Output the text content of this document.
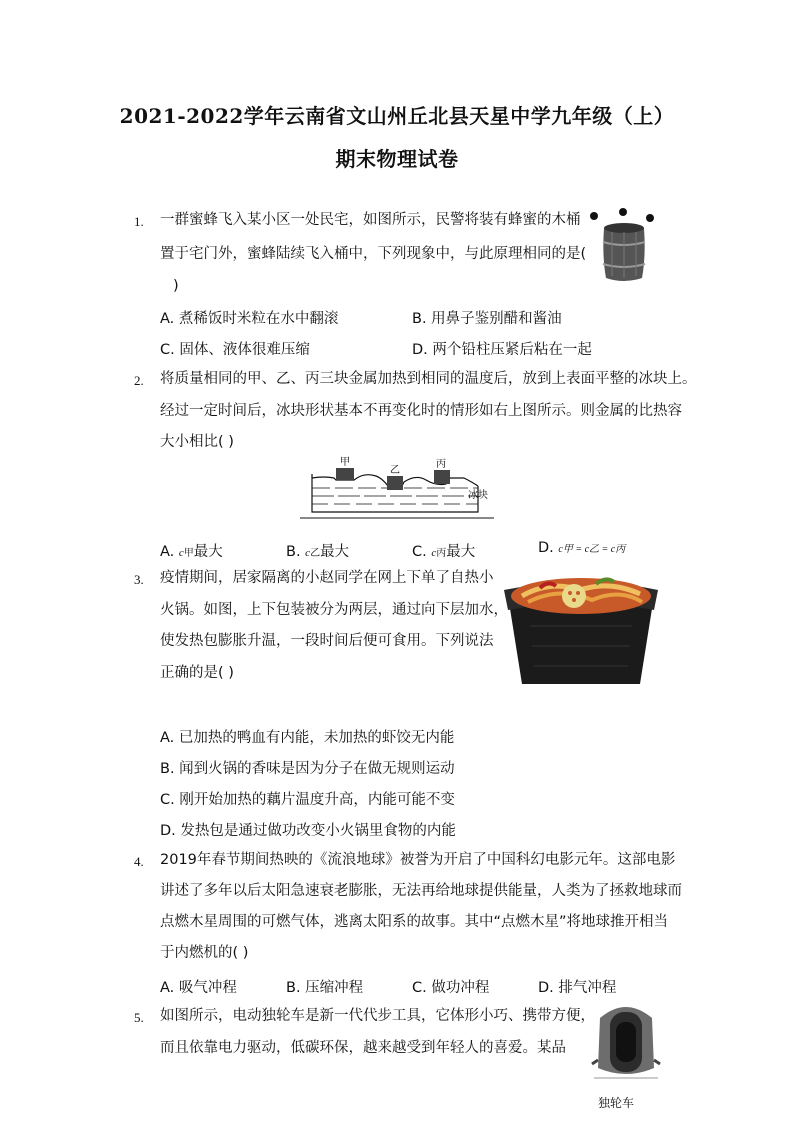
2021-2022学年云南省文山州丘北县天星中学九年级（上）
期末物理试卷
1. 一群蜜蜂飞入某小区一处民宅，如图所示，民警将装有蜂蜜的木桶
置于宅门外，蜜蜂陆续飞入桶中，下列现象中，与此原理相同的是(
)
A. 煮稀饭时米粒在水中翻滚	B. 用鼻子鉴别醋和酱油
C. 固体、液体很难压缩	D. 两个铅柱压紧后粘在一起
2. 将质量相同的甲、乙、丙三块金属加热到相同的温度后，放到上表面平整的冰块上。
经过一定时间后，冰块形状基本不再变化时的情形如右上图所示。则金属的比热容
大小相比( )
甲
乙
丙
冰块
A. c甲最大	B. c乙最大	C. c丙最大	D. c甲 = c乙 = c丙
3. 疫情期间，居家隔离的小赵同学在网上下单了自热小
火锅。如图，上下包装被分为两层，通过向下层加水，
使发热包膨胀升温，一段时间后便可食用。下列说法
正确的是( )
A. 已加热的鸭血有内能，未加热的虾饺无内能
B. 闻到火锅的香味是因为分子在做无规则运动
C. 刚开始加热的藕片温度升高，内能可能不变
D. 发热包是通过做功改变小火锅里食物的内能
4. 2019年春节期间热映的《流浪地球》被誉为开启了中国科幻电影元年。这部电影
讲述了多年以后太阳急速衰老膨胀，无法再给地球提供能量，人类为了拯救地球而
点燃木星周围的可燃气体，逃离太阳系的故事。其中“点燃木星”将地球推开相当
于内燃机的( )
A. 吸气冲程	B. 压缩冲程	C. 做功冲程	D. 排气冲程
5. 如图所示，电动独轮车是新一代代步工具，它体形小巧、携带方便，
而且依靠电力驱动，低碳环保，越来越受到年轻人的喜爱。某品
独轮车
